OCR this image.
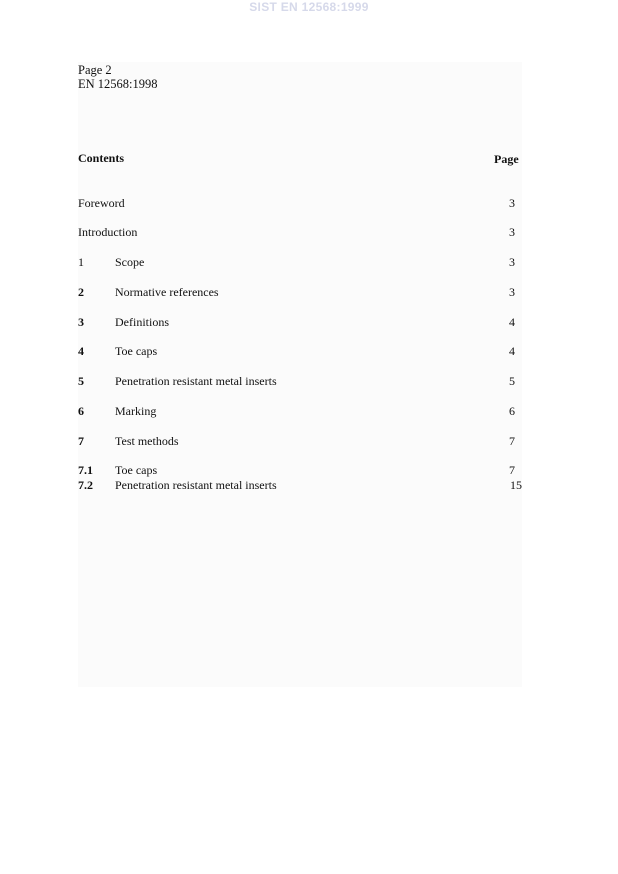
SIST EN 12568:1999
Page 2
EN 12568:1998
Contents	Page
Foreword	3
Introduction	3
1	Scope	3
2	Normative references	3
3	Definitions	4
4	Toe caps	4
5	Penetration resistant metal inserts	5
6	Marking	6
7	Test methods	7
7.1 Toe caps	7
7.2 Penetration resistant metal inserts	15
